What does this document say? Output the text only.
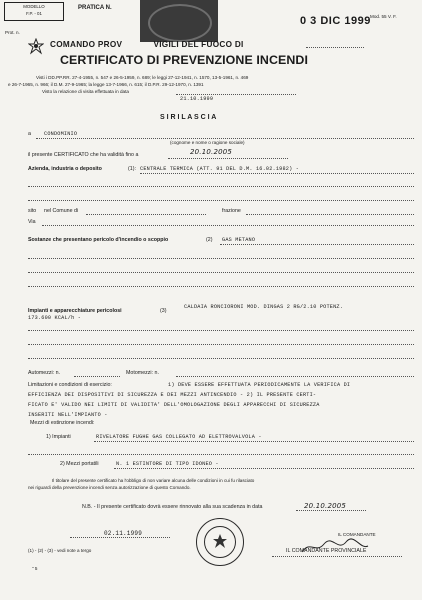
MODELLO
F.P. - 01
PRATICA N.
0 3 DIC 1999 Mod. 55 V. F.
Prot. n.
COMANDO PROV	VIGILI DEL FUOCO DI
CERTIFICATO DI PREVENZIONE INCENDI
Visti i DD.PP.RR. 27-4-1955, n. 547 e 26-5-1959, n. 689; le leggi 27-12-1941, n. 1570, 13-5-1961, n. 469
e 26-7-1965, n. 966; il D.M. 27-9-1965; la legge 13-7-1966, n. 615; il D.P.R. 29-12-1970, n. 1391
Visto la relazione di visita effettuata in data
21.10.1999
S I R I L A S C I A
a	CONDOMINIO
(cognome e nome o ragione sociale)
il presente CERTIFICATO che ha validità fino a	20.10.2005
Azienda, industria o deposito	(1): CENTRALE TERMICA (ATT. 91 DEL D.M. 16.02.1982) -
sito nel Comune di	frazione
Via
Sostanze che presentano pericolo d'incendio o scoppio	(2) GAS METANO
Impianti e apparecchiature pericolosi	(3)
CALDAIA RONCIORONI MOD. DINGAS 2 RG/2.10 POTENZ.
173.600 KCAL/h -
Automezzi: n.	Motomezzi: n.
Limitazioni e condizioni di esercizio:	1) DEVE ESSERE EFFETTUATA PERIODICAMENTE LA VERIFICA DI
EFFICIENZA DEI DISPOSITIVI DI SICUREZZA E DEI MEZZI ANTINCENDIO - 2) IL PRESENTE CERTI-
FICATO E' VALIDO NEI LIMITI DI VALIDITA' DELL'OMOLOGAZIONE DEGLI APPARECCHI DI SICUREZZA
INSERITI NELL'IMPIANTO -
Mezzi di estinzione incendi:
1) Impianti	RIVELATORE FUGHE GAS COLLEGATO AD ELETTROVALVOLA -
2) Mezzi portatili	N. 1 ESTINTORE DI TIPO IDONEO -
Il titolare del presente certificato ha l'obbligo di non variare alcuna delle condizioni in cui fu rilasciato
nei riguardi della prevenzione incendi senza autorizzazione di questo Comando.
N.B. - Il presente certificato dovrà essere rinnovato alla sua scadenza in data	20.10.2005
02.11.1999	IL COMANDANTE
IL COMANDANTE PROVINCIALE
(1) - (2) - (3) - vedi note a tergo
" 5
